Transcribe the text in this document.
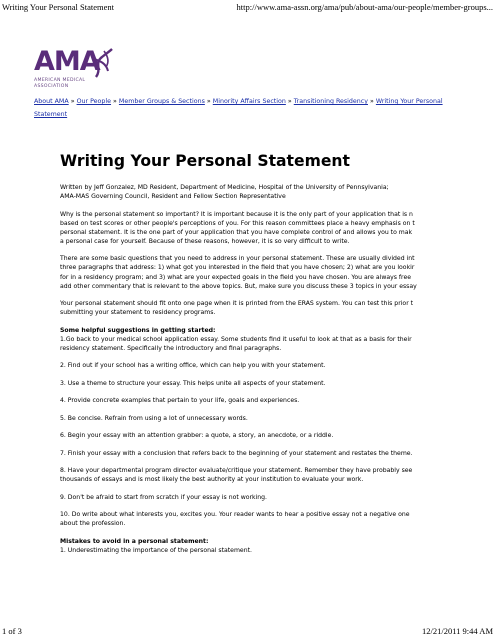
Writing Your Personal Statement	http://www.ama-assn.org/ama/pub/about-ama/our-people/member-groups...
AMA
AMERICAN MEDICAL
ASSOCIATION
About AMA » Our People » Member Groups & Sections » Minority Affairs Section » Transitioning Residency » Writing Your Personal
Statement
Writing Your Personal Statement
Written by Jeff Gonzalez, MD Resident, Department of Medicine, Hospital of the University of Pennsylvania;
AMA-MAS Governing Council, Resident and Fellow Section Representative
Why is the personal statement so important? It is important because it is the only part of your application that is n
based on test scores or other people's perceptions of you. For this reason committees place a heavy emphasis on t
personal statement. It is the one part of your application that you have complete control of and allows you to mak
a personal case for yourself. Because of these reasons, however, it is so very difficult to write.
There are some basic questions that you need to address in your personal statement. These are usually divided int
three paragraphs that address: 1) what got you interested in the field that you have chosen; 2) what are you lookir
for in a residency program; and 3) what are your expected goals in the field you have chosen. You are always free
add other commentary that is relevant to the above topics. But, make sure you discuss these 3 topics in your essay
Your personal statement should fit onto one page when it is printed from the ERAS system. You can test this prior t
submitting your statement to residency programs.
Some helpful suggestions in getting started:
1.Go back to your medical school application essay. Some students find it useful to look at that as a basis for their
residency statement. Specifically the introductory and final paragraphs.
2. Find out if your school has a writing office, which can help you with your statement.
3. Use a theme to structure your essay. This helps unite all aspects of your statement.
4. Provide concrete examples that pertain to your life, goals and experiences.
5. Be concise. Refrain from using a lot of unnecessary words.
6. Begin your essay with an attention grabber: a quote, a story, an anecdote, or a riddle.
7. Finish your essay with a conclusion that refers back to the beginning of your statement and restates the theme.
8. Have your departmental program director evaluate/critique your statement. Remember they have probably see
thousands of essays and is most likely the best authority at your institution to evaluate your work.
9. Don't be afraid to start from scratch if your essay is not working.
10. Do write about what interests you, excites you. Your reader wants to hear a positive essay not a negative one
about the profession.
Mistakes to avoid in a personal statement:
1. Underestimating the importance of the personal statement.
1 of 3	12/21/2011 9:44 AM
